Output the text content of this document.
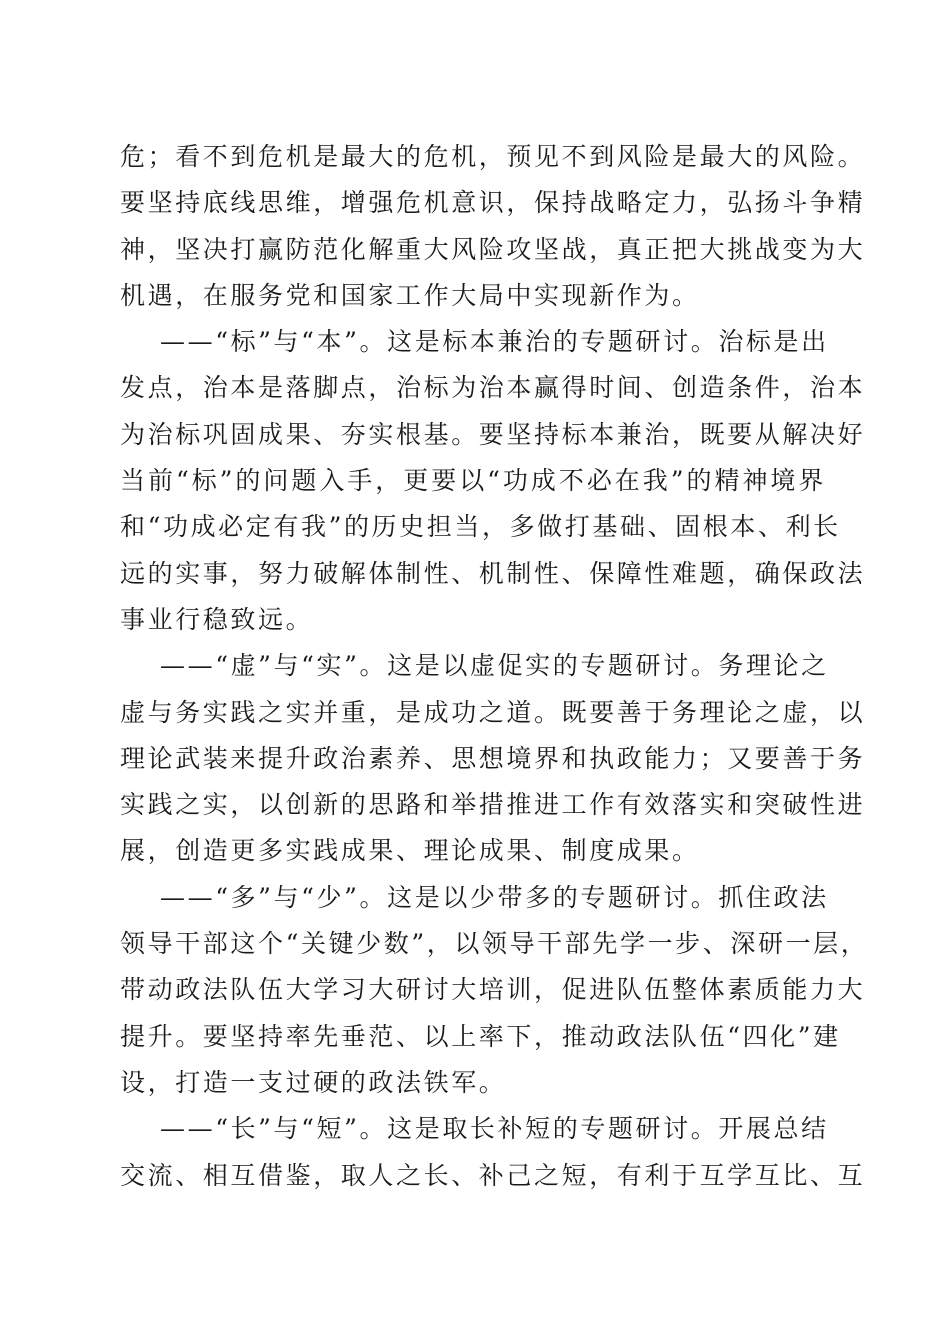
危；看不到危机是最大的危机，预见不到风险是最大的风险。
要坚持底线思维，增强危机意识，保持战略定力，弘扬斗争精
神，坚决打赢防范化解重大风险攻坚战，真正把大挑战变为大
机遇，在服务党和国家工作大局中实现新作为。
——“标”与“本”。这是标本兼治的专题研讨。治标是出
发点，治本是落脚点，治标为治本赢得时间、创造条件，治本
为治标巩固成果、夯实根基。要坚持标本兼治，既要从解决好
当前“标”的问题入手，更要以“功成不必在我”的精神境界
和“功成必定有我”的历史担当，多做打基础、固根本、利长
远的实事，努力破解体制性、机制性、保障性难题，确保政法
事业行稳致远。
——“虚”与“实”。这是以虚促实的专题研讨。务理论之
虚与务实践之实并重，是成功之道。既要善于务理论之虚，以
理论武装来提升政治素养、思想境界和执政能力；又要善于务
实践之实，以创新的思路和举措推进工作有效落实和突破性进
展，创造更多实践成果、理论成果、制度成果。
——“多”与“少”。这是以少带多的专题研讨。抓住政法
领导干部这个“关键少数”，以领导干部先学一步、深研一层，
带动政法队伍大学习大研讨大培训，促进队伍整体素质能力大
提升。要坚持率先垂范、以上率下，推动政法队伍“四化”建
设，打造一支过硬的政法铁军。
——“长”与“短”。这是取长补短的专题研讨。开展总结
交流、相互借鉴，取人之长、补己之短，有利于互学互比、互
